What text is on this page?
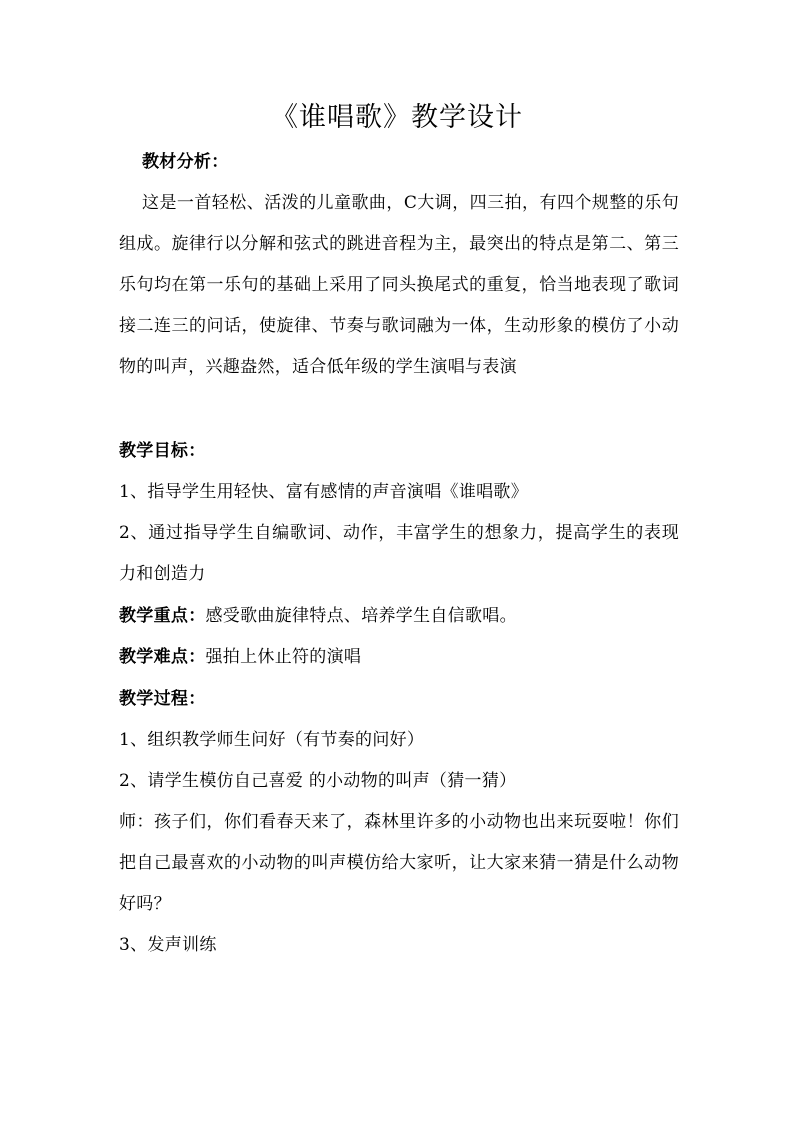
《谁唱歌》教学设计

教材分析：

这是一首轻松、活泼的儿童歌曲，C大调，四三拍，有四个规整的乐句组成。旋律行以分解和弦式的跳进音程为主，最突出的特点是第二、第三乐句均在第一乐句的基础上采用了同头换尾式的重复，恰当地表现了歌词接二连三的问话，使旋律、节奏与歌词融为一体，生动形象的模仿了小动物的叫声，兴趣盎然，适合低年级的学生演唱与表演

教学目标：

1、指导学生用轻快、富有感情的声音演唱《谁唱歌》

2、通过指导学生自编歌词、动作，丰富学生的想象力，提高学生的表现力和创造力

教学重点：感受歌曲旋律特点、培养学生自信歌唱。

教学难点：强拍上休止符的演唱

教学过程：

1、组织教学师生问好（有节奏的问好）

2、请学生模仿自己喜爱 的小动物的叫声（猜一猜）

师：孩子们，你们看春天来了，森林里许多的小动物也出来玩耍啦！你们把自己最喜欢的小动物的叫声模仿给大家听，让大家来猜一猜是什么动物好吗？

3、发声训练
